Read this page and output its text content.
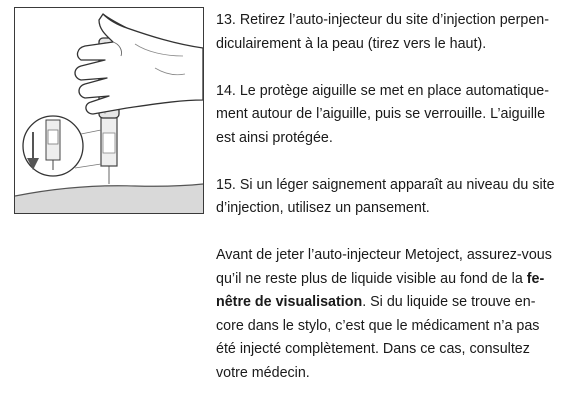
13. Retirez l’auto-injecteur du site d’injection perpen-
diculairement à la peau (tirez vers le haut).

14. Le protège aiguille se met en place automatique-
ment autour de l’aiguille, puis se verrouille. L’aiguille
est ainsi protégée.

15. Si un léger saignement apparaît au niveau du site
d’injection, utilisez un pansement.

Avant de jeter l’auto-injecteur Metoject, assurez-vous
qu’il ne reste plus de liquide visible au fond de la fe-
nêtre de visualisation. Si du liquide se trouve en-
core dans le stylo, c’est que le médicament n’a pas
été injecté complètement. Dans ce cas, consultez
votre médecin.
